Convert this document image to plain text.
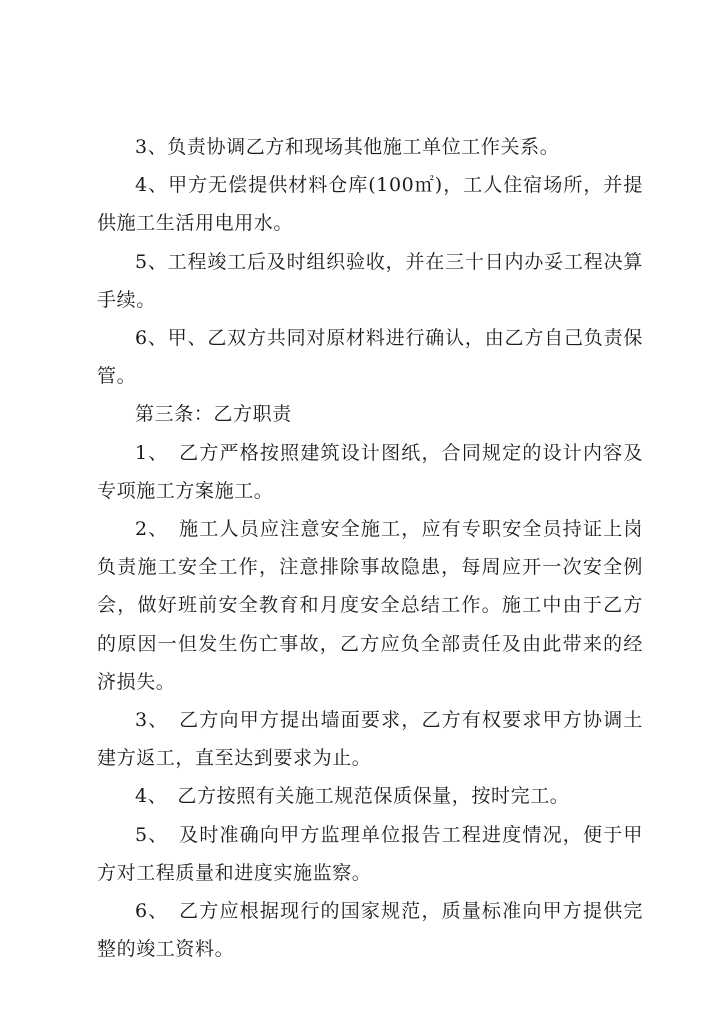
3、负责协调乙方和现场其他施工单位工作关系。

4、甲方无偿提供材料仓库(100㎡)，工人住宿场所，并提供施工生活用电用水。

5、工程竣工后及时组织验收，并在三十日内办妥工程决算手续。

6、甲、乙双方共同对原材料进行确认，由乙方自己负责保管。

第三条：乙方职责

1、　乙方严格按照建筑设计图纸，合同规定的设计内容及专项施工方案施工。

2、　施工人员应注意安全施工，应有专职安全员持证上岗负责施工安全工作，注意排除事故隐患，每周应开一次安全例会，做好班前安全教育和月度安全总结工作。施工中由于乙方的原因一但发生伤亡事故，乙方应负全部责任及由此带来的经济损失。

3、　乙方向甲方提出墙面要求，乙方有权要求甲方协调土建方返工，直至达到要求为止。

4、　乙方按照有关施工规范保质保量，按时完工。

5、　及时准确向甲方监理单位报告工程进度情况，便于甲方对工程质量和进度实施监察。

6、　乙方应根据现行的国家规范，质量标准向甲方提供完整的竣工资料。
